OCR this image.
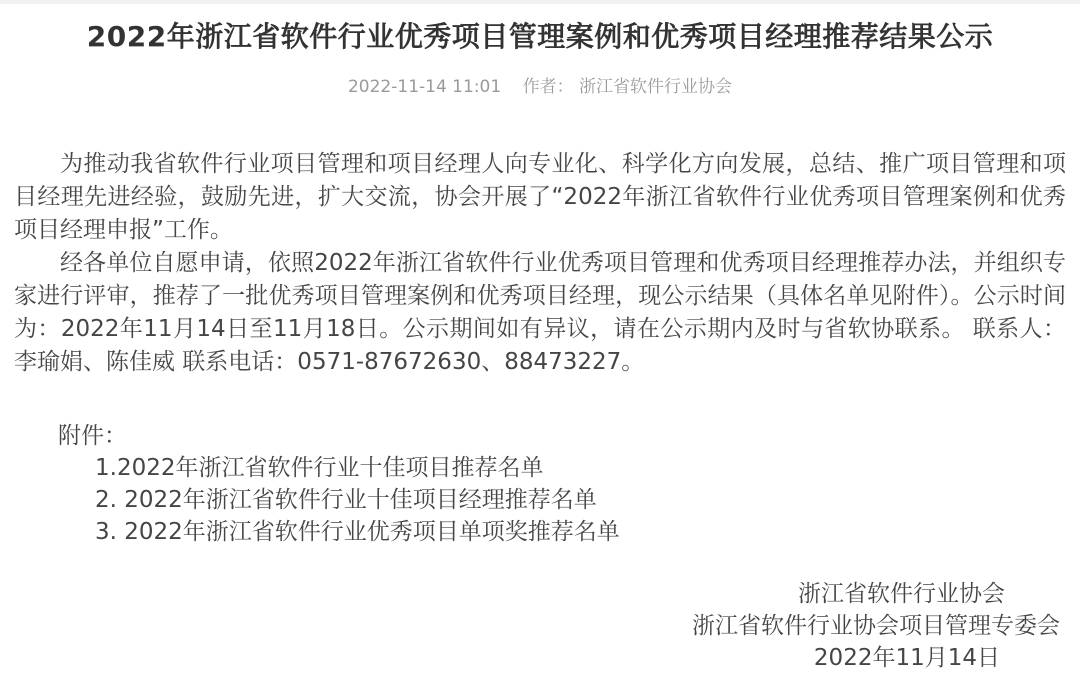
2022年浙江省软件行业优秀项目管理案例和优秀项目经理推荐结果公示
2022-11-14 11:01 作者： 浙江省软件行业协会

为推动我省软件行业项目管理和项目经理人向专业化、科学化方向发展，总结、推广项目管理和项目经理先进经验，鼓励先进，扩大交流，协会开展了“2022年浙江省软件行业优秀项目管理案例和优秀项目经理申报”工作。

经各单位自愿申请，依照2022年浙江省软件行业优秀项目管理和优秀项目经理推荐办法，并组织专家进行评审，推荐了一批优秀项目管理案例和优秀项目经理，现公示结果（具体名单见附件）。公示时间为：2022年11月14日至11月18日。公示期间如有异议，请在公示期内及时与省软协联系。 联系人：李瑜娟、陈佳威 联系电话：0571-87672630、88473227。

附件：
1.2022年浙江省软件行业十佳项目推荐名单
2. 2022年浙江省软件行业十佳项目经理推荐名单
3. 2022年浙江省软件行业优秀项目单项奖推荐名单
浙江省软件行业协会
浙江省软件行业协会项目管理专委会
2022年11月14日
